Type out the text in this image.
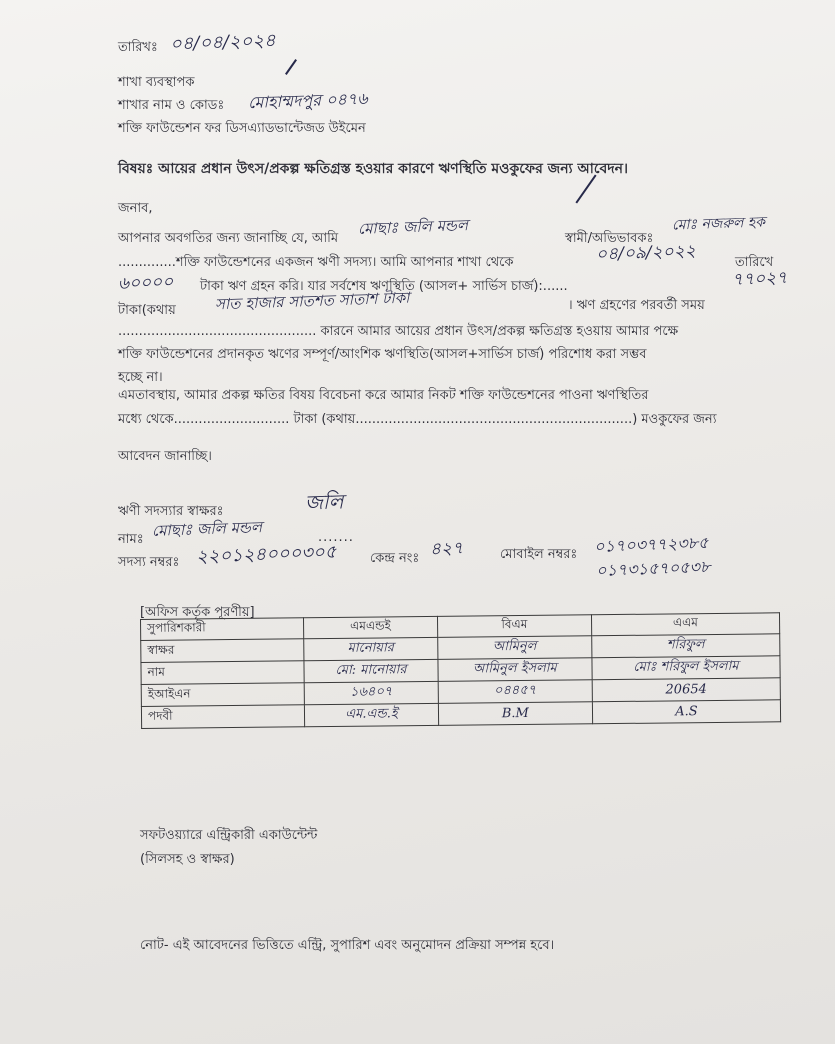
তারিখঃ ০৪/০৪/২০২৪
শাখা ব্যবস্থাপক
শাখার নাম ও কোডঃ মোহাম্মদপুর ০৪৭৬
শক্তি ফাউন্ডেশন ফর ডিসএ্যাডভান্টেজড উইমেন
বিষয়ঃ আয়ের প্রধান উৎস/প্রকল্প ক্ষতিগ্রস্ত হওয়ার কারণে ঋণস্থিতি মওকুফের জন্য আবেদন।
জনাব,
আপনার অবগতির জন্য জানাচ্ছি যে, আমি
মোছাঃ জলি মন্ডল
স্বামী/অভিভাবকঃ
মোঃ নজরুল হক
..............শক্তি ফাউন্ডেশনের একজন ঋণী সদস্য। আমি আপনার শাখা থেকে	০৪/০৯/২০২২	তারিখে
৬০০০০ টাকা ঋণ গ্রহন করি। যার সর্বশেষ ঋণস্থিতি (আসল+ সার্ভিস চার্জ):......	৭৭০২৭
টাকা(কথায়	সাত হাজার সাতশত সাতাশ টাকা	। ঋণ গ্রহণের পরবর্তী সময়
................................................ কারনে আমার আয়ের প্রধান উৎস/প্রকল্প ক্ষতিগ্রস্ত হওয়ায় আমার পক্ষে
শক্তি ফাউন্ডেশনের প্রদানকৃত ঋণের সম্পূর্ণ/আংশিক ঋণস্থিতি(আসল+সার্ভিস চার্জ) পরিশোধ করা সম্ভব
হচ্ছে না।
এমতাবস্থায়, আমার প্রকল্প ক্ষতির বিষয় বিবেচনা করে আমার নিকট শক্তি ফাউন্ডেশনের পাওনা ঋণস্থিতির
মধ্যে থেকে............................ টাকা (কথায়...................................................................) মওকুফের জন্য
আবেদন জানাচ্ছি।
ঋণী সদস্যার স্বাক্ষরঃ	জলি
নামঃ মোছাঃ জলি মন্ডল	.......
সদস্য নম্বরঃ ২২০১২৪০০০৩০৫	কেন্দ্র নংঃ ৪২৭	মোবাইল নম্বরঃ ০১৭০৩৭৭২৩৮৫
০১৭৩১৫৭০৫৩৮
[অফিস কর্তৃক পূরণীয়]
সুপারিশকারী	এমএন্ডই	বিএম	এএম
স্বাক্ষর	মানোয়ার	আমিনুল	শরিফুল
নাম	মো: মানোয়ার	আমিনুল ইসলাম	মোঃ শরিফুল ইসলাম
ইআইএন	১৬৪০৭	০৪৪৫৭	20654
পদবী	এম.এন্ড.ই	B.M	A.S
সফটওয়্যারে এন্ট্রিকারী একাউন্টেন্ট
(সিলসহ ও স্বাক্ষর)
নোট- এই আবেদনের ভিত্তিতে এন্ট্রি, সুপারিশ এবং অনুমোদন প্রক্রিয়া সম্পন্ন হবে।
